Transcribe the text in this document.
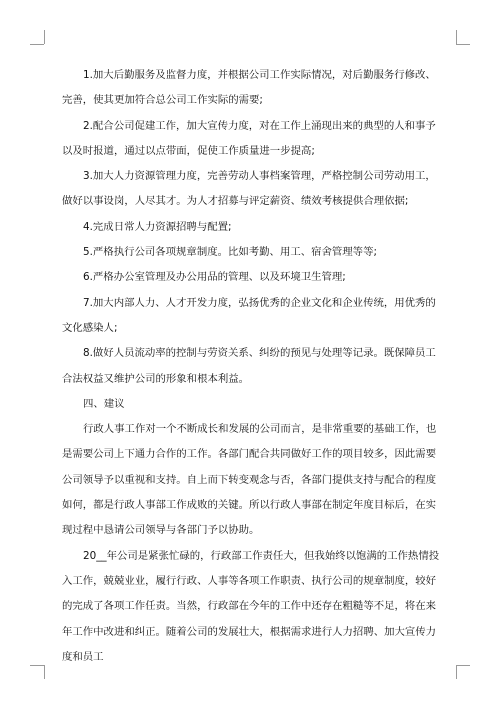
1.加大后勤服务及监督力度，并根据公司工作实际情况，对后勤服务行修改、完善，使其更加符合总公司工作实际的需要;

2.配合公司促建工作，加大宣传力度，对在工作上涌现出来的典型的人和事予以及时报道，通过以点带面，促使工作质量进一步提高;

3.加大人力资源管理力度，完善劳动人事档案管理，严格控制公司劳动用工，做好以事设岗，人尽其才。为人才招募与评定薪资、绩效考核提供合理依据;

4.完成日常人力资源招聘与配置;

5.严格执行公司各项规章制度。比如考勤、用工、宿舍管理等等;

6.严格办公室管理及办公用品的管理、以及环境卫生管理;

7.加大内部人力、人才开发力度，弘扬优秀的企业文化和企业传统，用优秀的文化感染人;

8.做好人员流动率的控制与劳资关系、纠纷的预见与处理等记录。既保障员工合法权益又维护公司的形象和根本利益。

四、建议

行政人事工作对一个不断成长和发展的公司而言，是非常重要的基础工作，也是需要公司上下通力合作的工作。各部门配合共同做好工作的项目较多，因此需要公司领导予以重视和支持。自上而下转变观念与否，各部门提供支持与配合的程度如何，都是行政人事部工作成败的关键。所以行政人事部在制定年度目标后，在实现过程中恳请公司领导与各部门予以协助。

20__年公司是紧张忙碌的，行政部工作责任大，但我始终以饱满的工作热情投入工作，兢兢业业，履行行政、人事等各项工作职责、执行公司的规章制度，较好的完成了各项工作任责。当然，行政部在今年的工作中还存在粗糙等不足，将在来年工作中改进和纠正。随着公司的发展壮大，根据需求进行人力招聘、加大宣传力度和员工
